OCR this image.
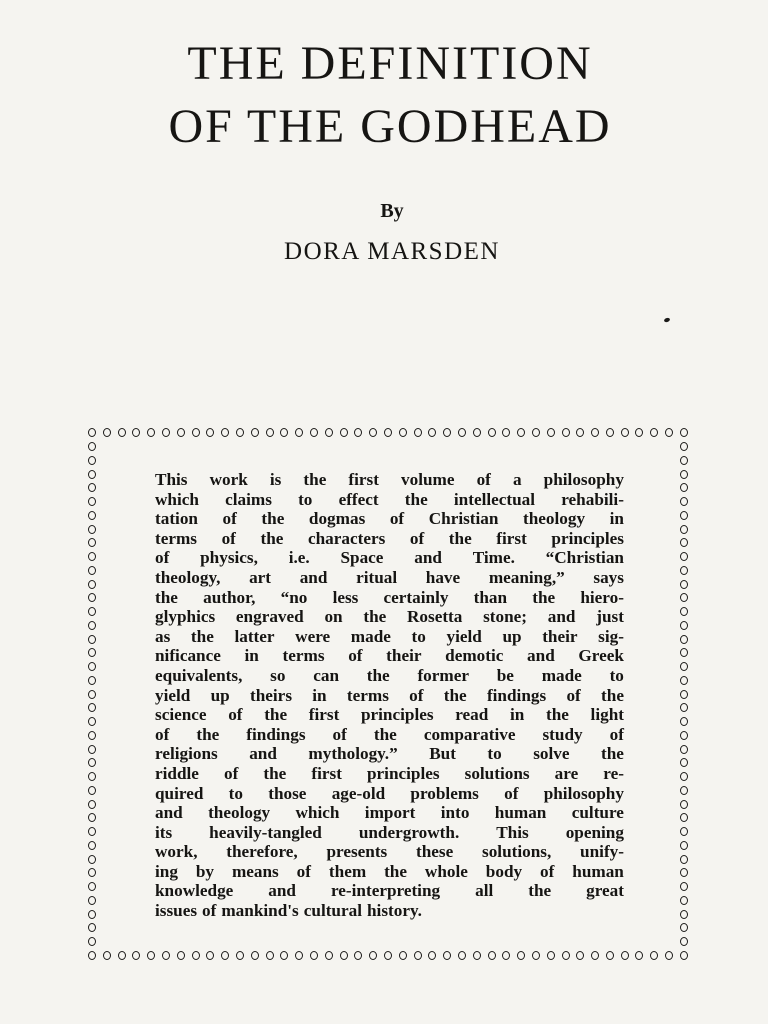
THE DEFINITION
OF THE GODHEAD

By

DORA MARSDEN

This work is the first volume of a philosophy
which claims to effect the intellectual rehabili-
tation of the dogmas of Christian theology in
terms of the characters of the first principles
of physics, i.e. Space and Time. “Christian
theology, art and ritual have meaning,” says
the author, “no less certainly than the hiero-
glyphics engraved on the Rosetta stone; and just
as the latter were made to yield up their sig-
nificance in terms of their demotic and Greek
equivalents, so can the former be made to
yield up theirs in terms of the findings of the
science of the first principles read in the light
of the findings of the comparative study of
religions and mythology.” But to solve the
riddle of the first principles solutions are re-
quired to those age-old problems of philosophy
and theology which import into human culture
its heavily-tangled undergrowth. This opening
work, therefore, presents these solutions, unify-
ing by means of them the whole body of human
knowledge and re-interpreting all the great
issues of mankind's cultural history.
